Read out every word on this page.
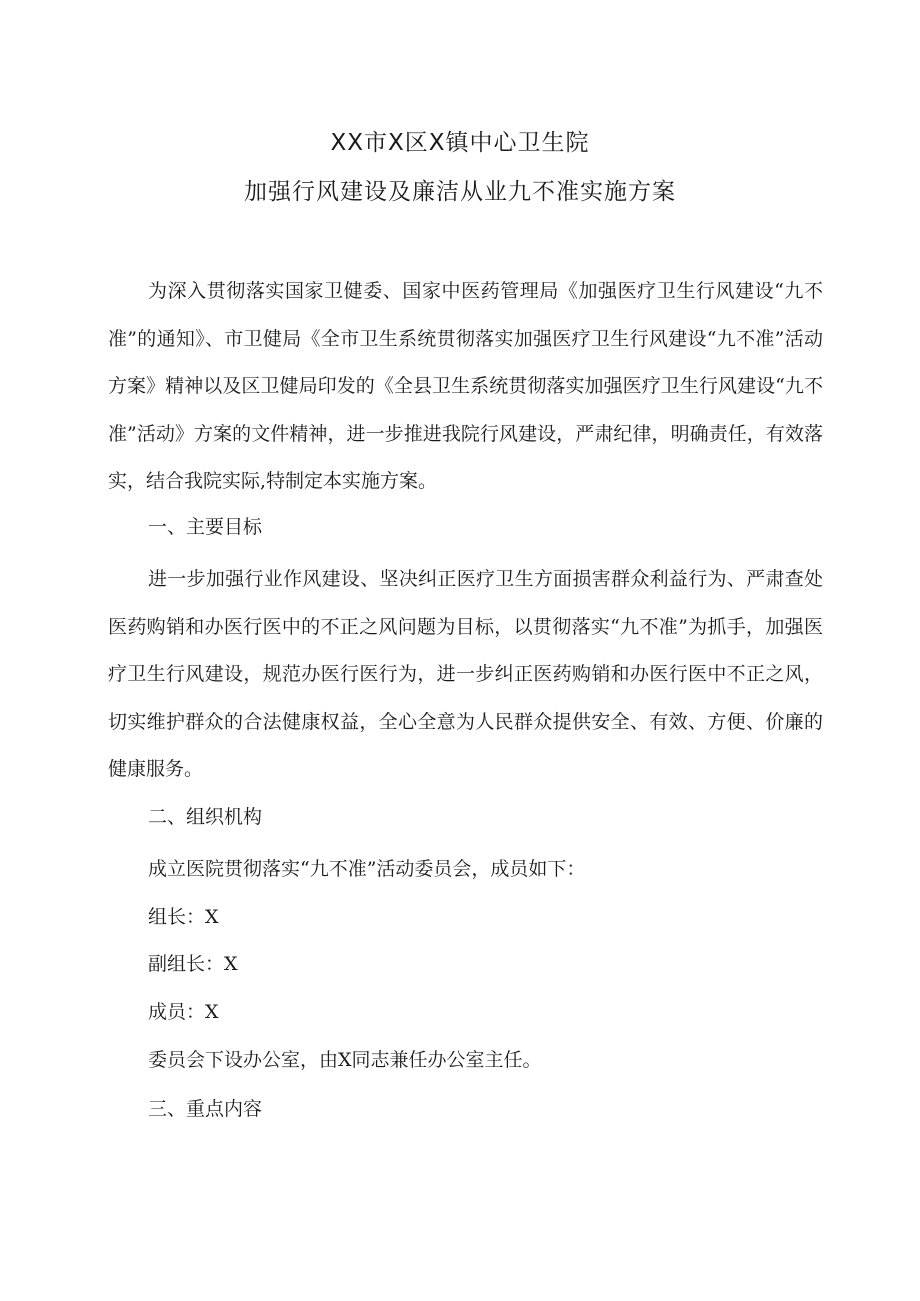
XX市X区X镇中心卫生院
加强行风建设及廉洁从业九不准实施方案

为深入贯彻落实国家卫健委、国家中医药管理局《加强医疗卫生行风建设“九不准”的通知》、市卫健局《全市卫生系统贯彻落实加强医疗卫生行风建设“九不准”活动方案》精神以及区卫健局印发的《全县卫生系统贯彻落实加强医疗卫生行风建设“九不准”活动》方案的文件精神，进一步推进我院行风建设，严肃纪律，明确责任，有效落实，结合我院实际,特制定本实施方案。

一、主要目标

进一步加强行业作风建设、坚决纠正医疗卫生方面损害群众利益行为、严肃查处医药购销和办医行医中的不正之风问题为目标，以贯彻落实“九不准”为抓手，加强医疗卫生行风建设，规范办医行医行为，进一步纠正医药购销和办医行医中不正之风，切实维护群众的合法健康权益，全心全意为人民群众提供安全、有效、方便、价廉的健康服务。

二、组织机构
成立医院贯彻落实“九不准”活动委员会，成员如下：
组长：X
副组长：X
成员：X
委员会下设办公室，由X同志兼任办公室主任。
三、重点内容
